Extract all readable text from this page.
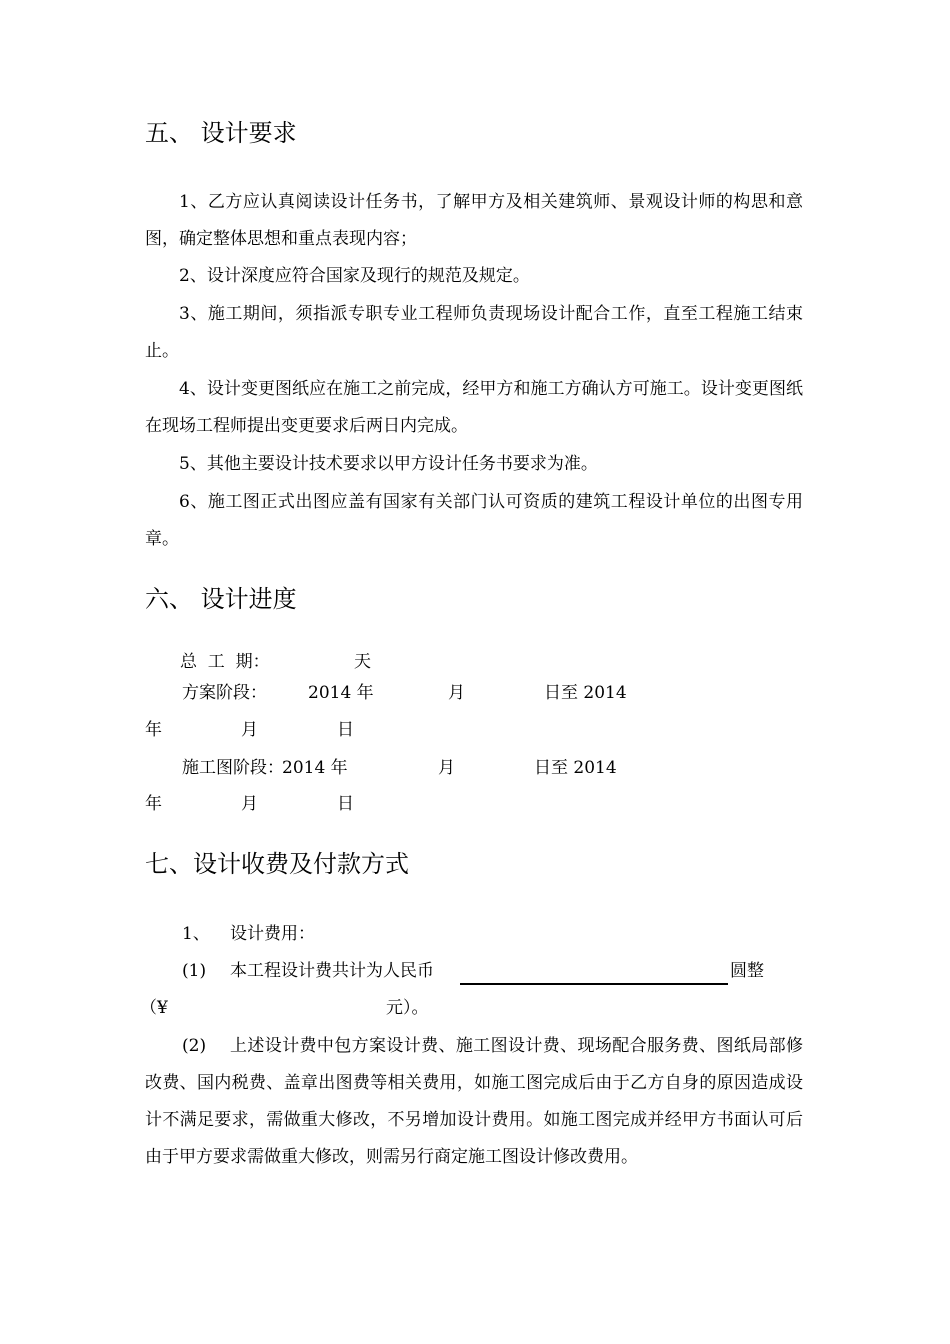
五、 设计要求

1、乙方应认真阅读设计任务书，了解甲方及相关建筑师、景观设计师的构思和意图，确定整体思想和重点表现内容；

2、设计深度应符合国家及现行的规范及规定。

3、施工期间，须指派专职专业工程师负责现场设计配合工作，直至工程施工结束止。

4、设计变更图纸应在施工之前完成，经甲方和施工方确认方可施工。设计变更图纸在现场工程师提出变更要求后两日内完成。

5、其他主要设计技术要求以甲方设计任务书要求为准。

6、施工图正式出图应盖有国家有关部门认可资质的建筑工程设计单位的出图专用章。

六、 设计进度
总  工  期：	天
方案阶段： 2014 年	月	日至 2014
年	月	日
施工图阶段：
2014 年	月	日至 2014
年	月	日
七、设计收费及付款方式
1、 设计费用：
(1) 本工程设计费共计为人民币	圆整
（¥	元）。
(2)	上述设计费中包方案设计费、施工图设计费、现场配合服务费、图纸局部修改费、国内税费、盖章出图费等相关费用，如施工图完成后由于乙方自身的原因造成设计不满足要求，需做重大修改，不另增加设计费用。如施工图完成并经甲方书面认可后由于甲方要求需做重大修改，则需另行商定施工图设计修改费用。
